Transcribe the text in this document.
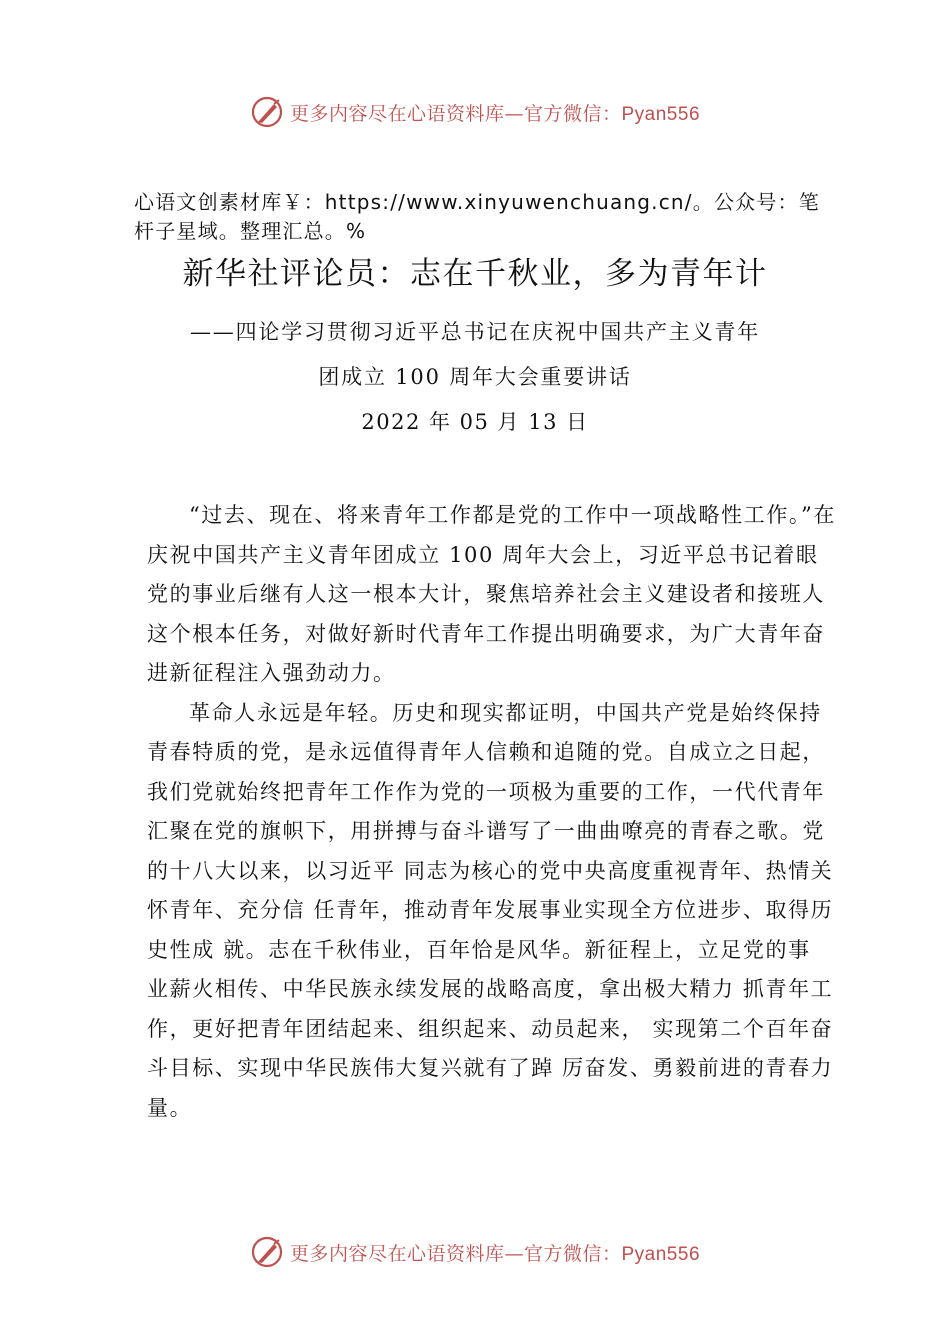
更多内容尽在心语资料库—官方微信：Pyan556
心语文创素材库￥：https://www.xinyuwenchuang.cn/。公众号：笔杆子星域。整理汇总。%
新华社评论员：志在千秋业，多为青年计
——四论学习贯彻习近平总书记在庆祝中国共产主义青年
团成立 100 周年大会重要讲话
2022 年 05 月 13 日

“过去、现在、将来青年工作都是党的工作中一项战略性工作。”在庆祝中国共产主义青年团成立 100 周年大会上，习近平总书记着眼党的事业后继有人这一根本大计，聚焦培养社会主义建设者和接班人这个根本任务，对做好新时代青年工作提出明确要求，为广大青年奋进新征程注入强劲动力。

革命人永远是年轻。历史和现实都证明，中国共产党是始终保持青春特质的党，是永远值得青年人信赖和追随的党。自成立之日起，我们党就始终把青年工作作为党的一项极为重要的工作，一代代青年汇聚在党的旗帜下，用拼搏与奋斗谱写了一曲曲嘹亮的青春之歌。党的十八大以来，以习近平 同志为核心的党中央高度重视青年、热情关怀青年、充分信 任青年，推动青年发展事业实现全方位进步、取得历史性成 就。志在千秋伟业，百年恰是风华。新征程上，立足党的事 业薪火相传、中华民族永续发展的战略高度，拿出极大精力 抓青年工作，更好把青年团结起来、组织起来、动员起来， 实现第二个百年奋斗目标、实现中华民族伟大复兴就有了踔 厉奋发、勇毅前进的青春力量。

更多内容尽在心语资料库—官方微信：Pyan556
